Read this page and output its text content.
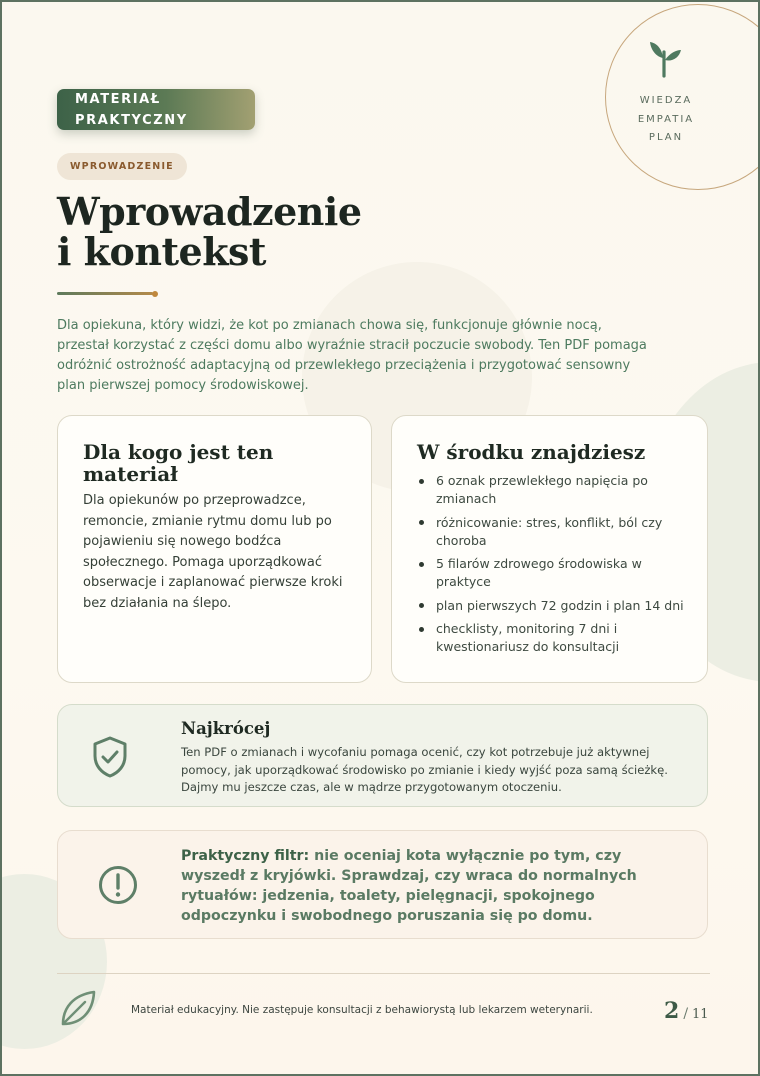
WIEDZA
EMPATIA
PLAN
MATERIAŁ
PRAKTYCZNY
WPROWADZENIE
Wprowadzenie
i kontekst

Dla opiekuna, który widzi, że kot po zmianach chowa się, funkcjonuje głównie nocą, przestał korzystać z części domu albo wyraźnie stracił poczucie swobody. Ten PDF pomaga odróżnić ostrożność adaptacyjną od przewlekłego przeciążenia i przygotować sensowny plan pierwszej pomocy środowiskowej.

Dla kogo jest ten materiał

Dla opiekunów po przeprowadzce, remoncie, zmianie rytmu domu lub po pojawieniu się nowego bodźca społecznego. Pomaga uporządkować obserwacje i zaplanować pierwsze kroki bez działania na ślepo.

W środku znajdziesz
6 oznak przewlekłego napięcia po zmianach
różnicowanie: stres, konflikt, ból czy choroba
5 filarów zdrowego środowiska w praktyce
plan pierwszych 72 godzin i plan 14 dni
checklisty, monitoring 7 dni i kwestionariusz do konsultacji
Najkrócej
Ten PDF o zmianach i wycofaniu pomaga ocenić, czy kot potrzebuje już aktywnej pomocy, jak uporządkować środowisko po zmianie i kiedy wyjść poza samą ścieżkę. Dajmy mu jeszcze czas, ale w mądrze przygotowanym otoczeniu.
Praktyczny filtr: nie oceniaj kota wyłącznie po tym, czy wyszedł z kryjówki. Sprawdzaj, czy wraca do normalnych rytuałów: jedzenia, toalety, pielęgnacji, spokojnego odpoczynku i swobodnego poruszania się po domu.
Materiał edukacyjny. Nie zastępuje konsultacji z behawiorystą lub lekarzem weterynarii.	2 / 11
